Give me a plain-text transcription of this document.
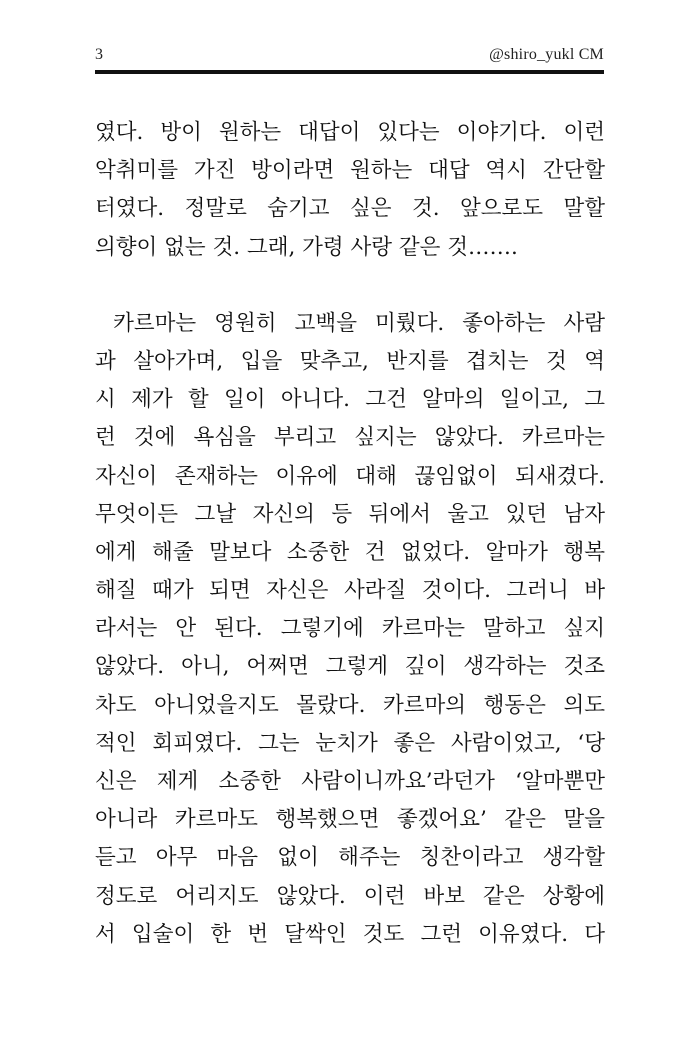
3	@shiro_yukl CM
였다. 방이 원하는 대답이 있다는 이야기다. 이런
악취미를 가진 방이라면 원하는 대답 역시 간단할
터였다. 정말로 숨기고 싶은 것. 앞으로도 말할
의향이 없는 것. 그래, 가령 사랑 같은 것…….
카르마는 영원히 고백을 미뤘다. 좋아하는 사람
과 살아가며, 입을 맞추고, 반지를 겹치는 것 역
시 제가 할 일이 아니다. 그건 알마의 일이고, 그
런 것에 욕심을 부리고 싶지는 않았다. 카르마는
자신이 존재하는 이유에 대해 끊임없이 되새겼다.
무엇이든 그날 자신의 등 뒤에서 울고 있던 남자
에게 해줄 말보다 소중한 건 없었다. 알마가 행복
해질 때가 되면 자신은 사라질 것이다. 그러니 바
라서는 안 된다. 그렇기에 카르마는 말하고 싶지
않았다. 아니, 어쩌면 그렇게 깊이 생각하는 것조
차도 아니었을지도 몰랐다. 카르마의 행동은 의도
적인 회피였다. 그는 눈치가 좋은 사람이었고, ‘당
신은 제게 소중한 사람이니까요’라던가 ‘알마뿐만
아니라 카르마도 행복했으면 좋겠어요’ 같은 말을
듣고 아무 마음 없이 해주는 칭찬이라고 생각할
정도로 어리지도 않았다. 이런 바보 같은 상황에
서 입술이 한 번 달싹인 것도 그런 이유였다. 다
